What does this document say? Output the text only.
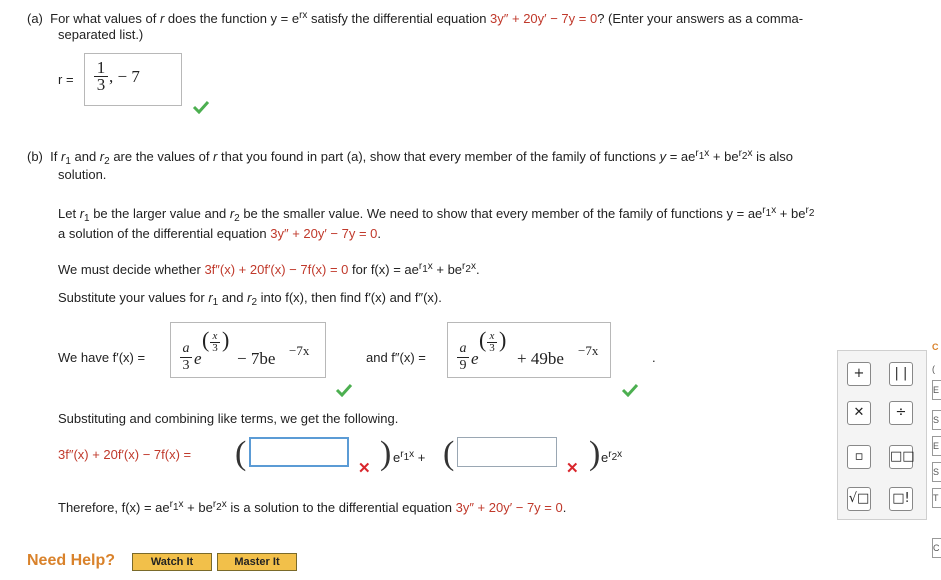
(a) For what values of r does the function $y = e^{rx}$ satisfy the differential equation 3y″ + 20y′ − 7y = 0? (Enter your answers as a comma-
separated list.)
$r = \frac{1}{3}$ , − 7
(b) If $r_1$ and $r_2$ are the values of r that you found in part (a), show that every member of the family of functions $y = ae^{r_1x} + be^{r_2x}$ is also
solution.
Let $r_1$ be the larger value and $r_2$ be the smaller value. We need to show that every member of the family of functions $y = ae^{r_1x} + be^{r_2}$
a solution of the differential equation 3y″ + 20y′ − 7y = 0.
We must decide whether 3f″(x) + 20f′(x) − 7f(x) = 0 for $f(x) = ae^{r_1x} + be^{r_2x}$.
Substitute your values for $r_1$ and $r_2$ into f(x), then find f′(x) and f″(x).
We have $f'(x) = \frac{a}{3}$ e
( $\frac{x}{3}$ )
− 7be −7x	and $f''(x) = \frac{a}{9}$ e
( $\frac{x}{3}$ )
+ 49be −7x	.
Substituting and combining like terms, we get the following.
3f″(x) + 20f′(x) − 7f(x) = (	✕ ) $e^{r_1x}$ + (	✕ ) $e^{r_2x}$
Therefore, $f(x) = ae^{r_1x} + be^{r_2x}$ is a solution to the differential equation 3y″ + 20y′ − 7y = 0.
Need Help?	Watch It	Master It
+	| |
✕	÷
▫	□□
√□ □!
C
(
E
S
E
S
T
C
